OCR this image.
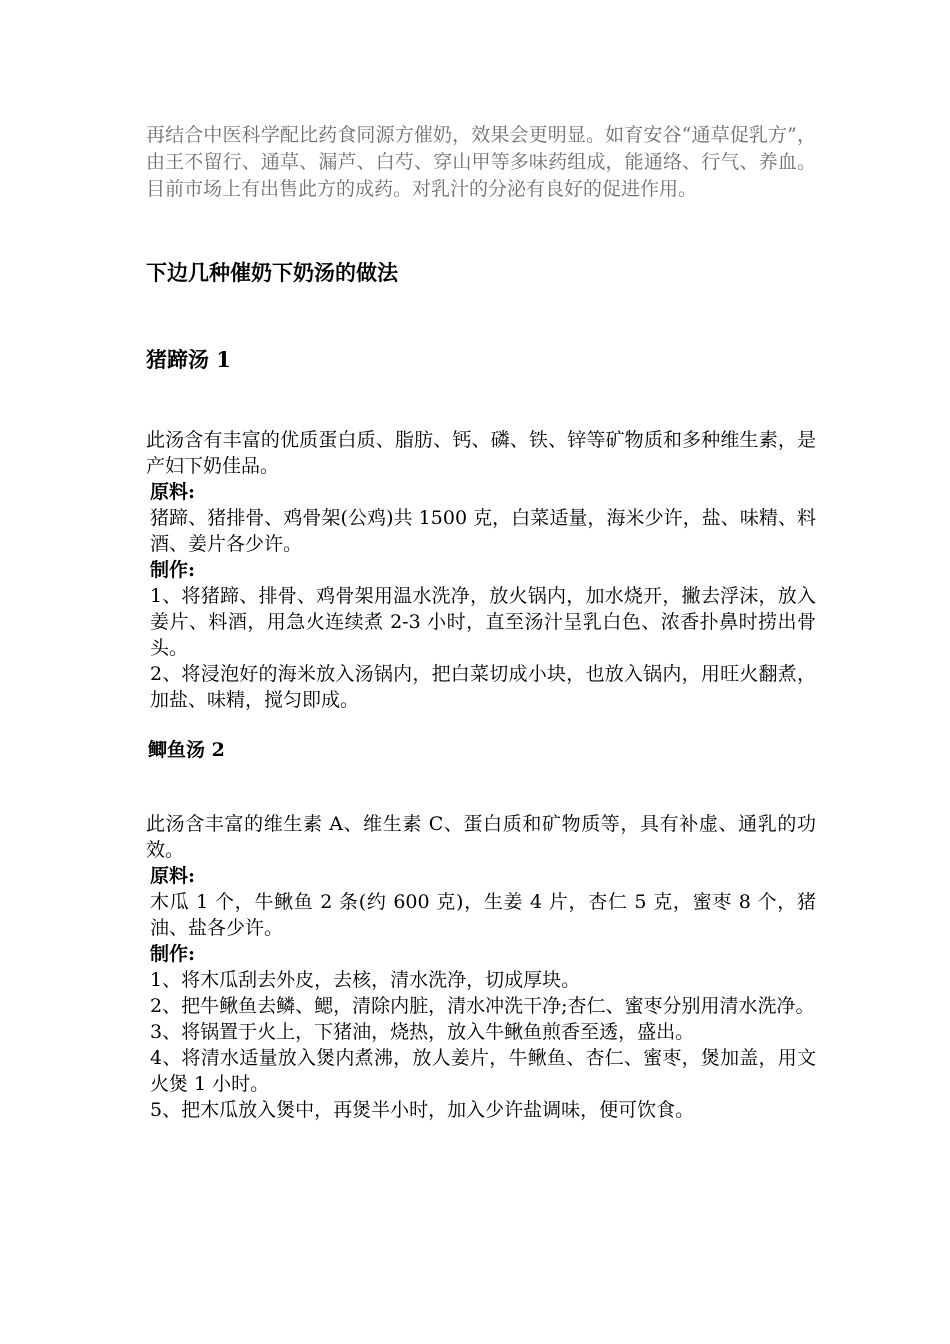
再结合中医科学配比药食同源方催奶，效果会更明显。如育安谷“通草促乳方”，由王不留行、通草、漏芦、白芍、穿山甲等多味药组成，能通络、行气、养血。目前市场上有出售此方的成药。对乳汁的分泌有良好的促进作用。

下边几种催奶下奶汤的做法
猪蹄汤 1

此汤含有丰富的优质蛋白质、脂肪、钙、磷、铁、锌等矿物质和多种维生素，是产妇下奶佳品。

原料:

猪蹄、猪排骨、鸡骨架(公鸡)共 1500 克，白菜适量，海米少许，盐、味精、料酒、姜片各少许。

制作:

1、将猪蹄、排骨、鸡骨架用温水洗净，放火锅内，加水烧开，撇去浮沫，放入姜片、料酒，用急火连续煮 2-3 小时，直至汤汁呈乳白色、浓香扑鼻时捞出骨头。

2、将浸泡好的海米放入汤锅内，把白菜切成小块，也放入锅内，用旺火翻煮，加盐、味精，搅匀即成。

鲫鱼汤 2

此汤含丰富的维生素 A、维生素 C、蛋白质和矿物质等，具有补虚、通乳的功效。

原料:

木瓜 1 个，牛鳅鱼 2 条(约 600 克)，生姜 4 片，杏仁 5 克，蜜枣 8 个，猪油、盐各少许。

制作:

1、将木瓜刮去外皮，去核，清水洗净，切成厚块。

2、把牛鳅鱼去鳞、鳃，清除内脏，清水冲洗干净;杏仁、蜜枣分别用清水洗净。

3、将锅置于火上，下猪油，烧热，放入牛鳅鱼煎香至透，盛出。

4、将清水适量放入煲内煮沸，放人姜片，牛鳅鱼、杏仁、蜜枣，煲加盖，用文火煲 1 小时。

5、把木瓜放入煲中，再煲半小时，加入少许盐调味，便可饮食。
